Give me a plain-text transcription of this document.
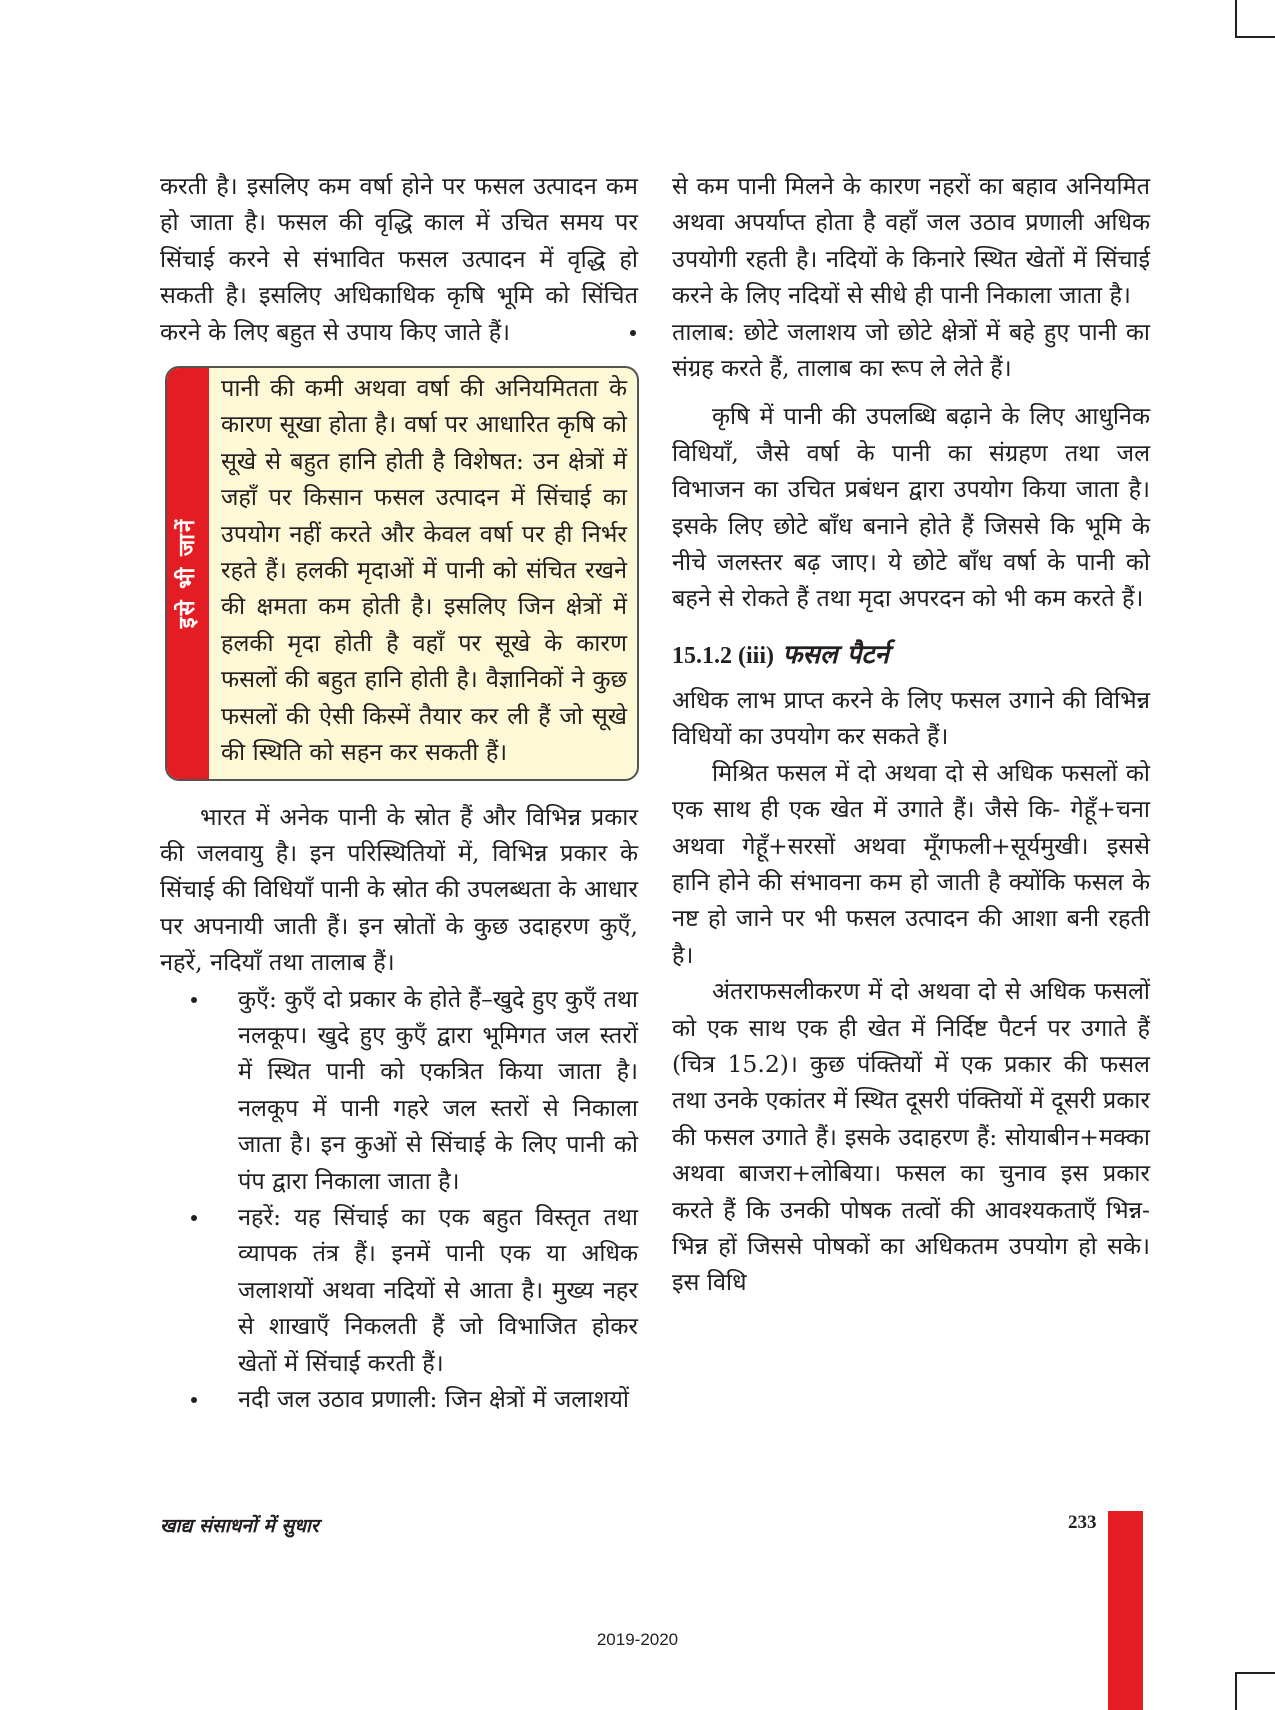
करती है। इसलिए कम वर्षा होने पर फसल उत्पादन कम हो जाता है। फसल की वृद्धि काल में उचित समय पर सिंचाई करने से संभावित फसल उत्पादन में वृद्धि हो सकती है। इसलिए अधिकाधिक कृषि भूमि को सिंचित करने के लिए बहुत से उपाय किए जाते हैं।

इसे भी जानें
पानी की कमी अथवा वर्षा की अनियमितता के कारण सूखा होता है। वर्षा पर आधारित कृषि को सूखे से बहुत हानि होती है विशेषत: उन क्षेत्रों में जहाँ पर किसान फसल उत्पादन में सिंचाई का उपयोग नहीं करते और केवल वर्षा पर ही निर्भर रहते हैं। हलकी मृदाओं में पानी को संचित रखने की क्षमता कम होती है। इसलिए जिन क्षेत्रों में हलकी मृदा होती है वहाँ पर सूखे के कारण फसलों की बहुत हानि होती है। वैज्ञानिकों ने कुछ फसलों की ऐसी किस्में तैयार कर ली हैं जो सूखे की स्थिति को सहन कर सकती हैं।

भारत में अनेक पानी के स्रोत हैं और विभिन्न प्रकार की जलवायु है। इन परिस्थितियों में, विभिन्न प्रकार के सिंचाई की विधियाँ पानी के स्रोत की उपलब्धता के आधार पर अपनायी जाती हैं। इन स्रोतों के कुछ उदाहरण कुएँ, नहरें, नदियाँ तथा तालाब हैं।

कुएँ: कुएँ दो प्रकार के होते हैं–खुदे हुए कुएँ तथा नलकूप। खुदे हुए कुएँ द्वारा भूमिगत जल स्तरों में स्थित पानी को एकत्रित किया जाता है। नलकूप में पानी गहरे जल स्तरों से निकाला जाता है। इन कुओं से सिंचाई के लिए पानी को पंप द्वारा निकाला जाता है।
नहरें: यह सिंचाई का एक बहुत विस्तृत तथा व्यापक तंत्र हैं। इनमें पानी एक या अधिक जलाशयों अथवा नदियों से आता है। मुख्य नहर से शाखाएँ निकलती हैं जो विभाजित होकर खेतों में सिंचाई करती हैं।
नदी जल उठाव प्रणाली: जिन क्षेत्रों में जलाशयों
से कम पानी मिलने के कारण नहरों का बहाव अनियमित अथवा अपर्याप्त होता है वहाँ जल उठाव प्रणाली अधिक उपयोगी रहती है। नदियों के किनारे स्थित खेतों में सिंचाई करने के लिए नदियों से सीधे ही पानी निकाला जाता है।
तालाब: छोटे जलाशय जो छोटे क्षेत्रों में बहे हुए पानी का संग्रह करते हैं, तालाब का रूप ले लेते हैं।

कृषि में पानी की उपलब्धि बढ़ाने के लिए आधुनिक विधियाँ, जैसे वर्षा के पानी का संग्रहण तथा जल विभाजन का उचित प्रबंधन द्वारा उपयोग किया जाता है। इसके लिए छोटे बाँध बनाने होते हैं जिससे कि भूमि के नीचे जलस्तर बढ़ जाए। ये छोटे बाँध वर्षा के पानी को बहने से रोकते हैं तथा मृदा अपरदन को भी कम करते हैं।

15.1.2 (iii) फसल पैटर्न

अधिक लाभ प्राप्त करने के लिए फसल उगाने की विभिन्न विधियों का उपयोग कर सकते हैं।

मिश्रित फसल में दो अथवा दो से अधिक फसलों को एक साथ ही एक खेत में उगाते हैं। जैसे कि- गेहूँ+चना अथवा गेहूँ+सरसों अथवा मूँगफली+सूर्यमुखी। इससे हानि होने की संभावना कम हो जाती है क्योंकि फसल के नष्ट हो जाने पर भी फसल उत्पादन की आशा बनी रहती है।

अंतराफसलीकरण में दो अथवा दो से अधिक फसलों को एक साथ एक ही खेत में निर्दिष्ट पैटर्न पर उगाते हैं (चित्र 15.2)। कुछ पंक्तियों में एक प्रकार की फसल तथा उनके एकांतर में स्थित दूसरी पंक्तियों में दूसरी प्रकार की फसल उगाते हैं। इसके उदाहरण हैं: सोयाबीन+मक्का अथवा बाजरा+लोबिया। फसल का चुनाव इस प्रकार करते हैं कि उनकी पोषक तत्वों की आवश्यकताएँ भिन्न-भिन्न हों जिससे पोषकों का अधिकतम उपयोग हो सके। इस विधि

खाद्य संसाधनों में सुधार	233
2019-2020
